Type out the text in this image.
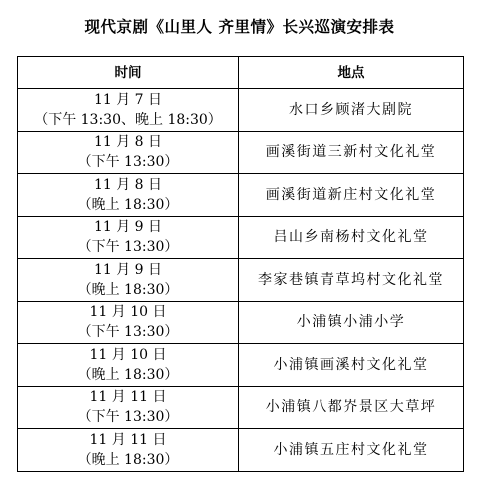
现代京剧《山里人 齐里情》长兴巡演安排表
时间	地点

11 月 7 日
（下午 13:30、晚上 18:30）	水口乡顾渚大剧院

11 月 8 日
（下午 13:30）	画溪街道三新村文化礼堂

11 月 8 日
（晚上 18:30）	画溪街道新庄村文化礼堂

11 月 9 日
（下午 13:30）	吕山乡南杨村文化礼堂

11 月 9 日
（晚上 18:30）	李家巷镇青草坞村文化礼堂

11 月 10 日
（下午 13:30）	小浦镇小浦小学

11 月 10 日
（晚上 18:30）	小浦镇画溪村文化礼堂

11 月 11 日
（下午 13:30）	小浦镇八都岕景区大草坪

11 月 11 日
（晚上 18:30）	小浦镇五庄村文化礼堂
